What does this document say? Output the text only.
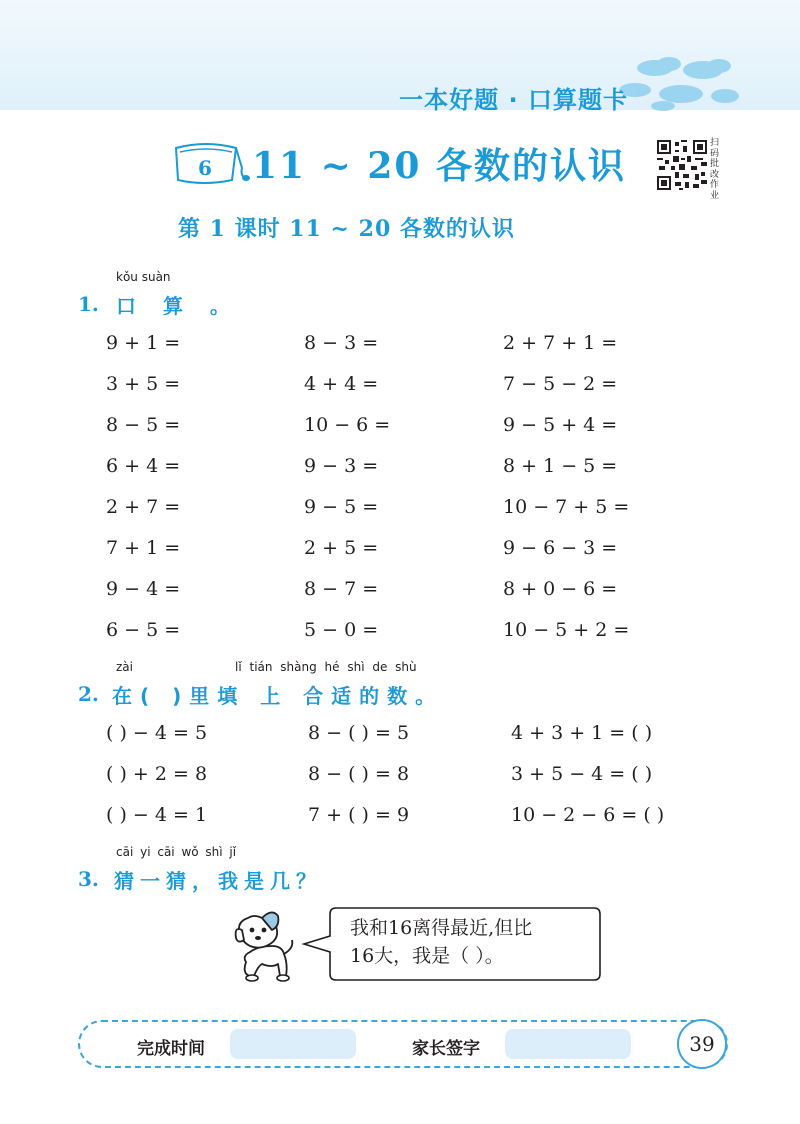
一本好题 · 口算题卡
6 11 ~ 20 各数的认识
扫码批改作业
第 1 课时 11 ~ 20 各数的认识
kǒu suàn
1. 口 算 。
9 + 1 =	8 − 3 =	2 + 7 + 1 =
3 + 5 =	4 + 4 =	7 − 5 − 2 =
8 − 5 =	10 − 6 =	9 − 5 + 4 =
6 + 4 =	9 − 3 =	8 + 1 − 5 =
2 + 7 =	9 − 5 =	10 − 7 + 5 =
7 + 1 =	2 + 5 =	9 − 6 − 3 =
9 − 4 =	8 − 7 =	8 + 0 − 6 =
6 − 5 =	5 − 0 =	10 − 5 + 2 =
zài	lǐ tián shàng hé shì de shù
2. 在( )里填 上 合适的数。
( ) − 4 = 5	8 − ( ) = 5	4 + 3 + 1 = ( )
( ) + 2 = 8	8 − ( ) = 8	3 + 5 − 4 = ( )
( ) − 4 = 1	7 + ( ) = 9	10 − 2 − 6 = ( )
cāi yi cāi wǒ shì jǐ
3. 猜一猜，我是几？
我和16离得最近,但比
16大，我是（ ）。
完成时间	家长签字	39
